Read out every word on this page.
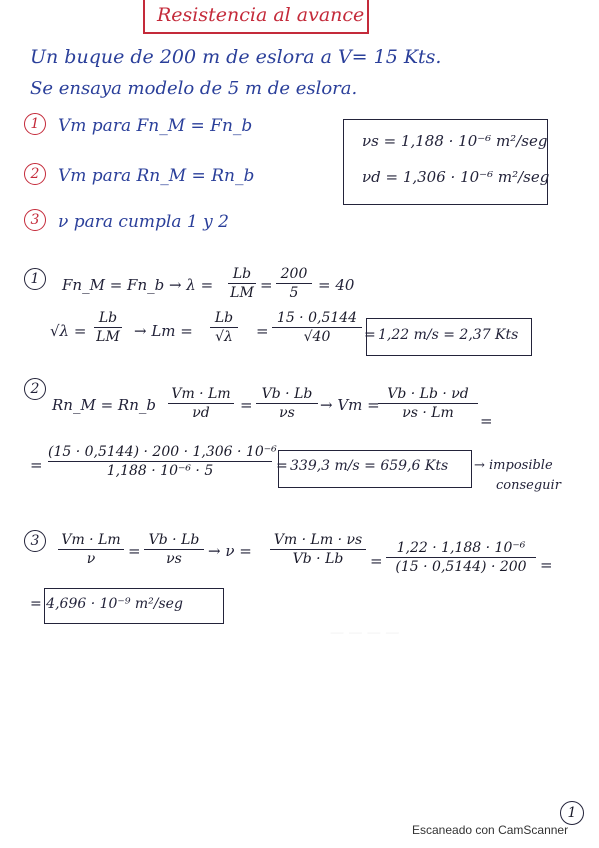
— — — —
Resistencia al avance
Un buque de 200 m de eslora a V= 15 Kts.
Se ensaya modelo de 5 m de eslora.
1	Vm para Fn_M = Fn_b
2	Vm para Rn_M = Rn_b
3	ν para cumpla 1 y 2
νs = 1,188 · 10⁻⁶ m²/seg
νd = 1,306 · 10⁻⁶ m²/seg
1	Fn_M = Fn_b → λ =
Lb
LM =
200
5	= 40
√λ =
Lb
LM → Lm =
Lb
√λ	=
15 · 0,5144
√40	= 1,22 m/s = 2,37 Kts
2
Rn_M = Rn_b
Vm · Lm
νd	=
Vb · Lb
νs	→ Vm =
Vb · Lb · νd
νs · Lm	=
=
(15 · 0,5144) · 200 · 1,306 · 10⁻⁶
1,188 · 10⁻⁶ · 5	= 339,3 m/s = 659,6 Kts → imposible
conseguir
3	Vm · Lm
ν	=
Vb · Lb
νs	→ ν =
Vm · Lm · νs
Vb · Lb	=
1,22 · 1,188 · 10⁻⁶
(15 · 0,5144) · 200 =
= 4,696 · 10⁻⁹ m²/seg
1
Escaneado con CamScanner
